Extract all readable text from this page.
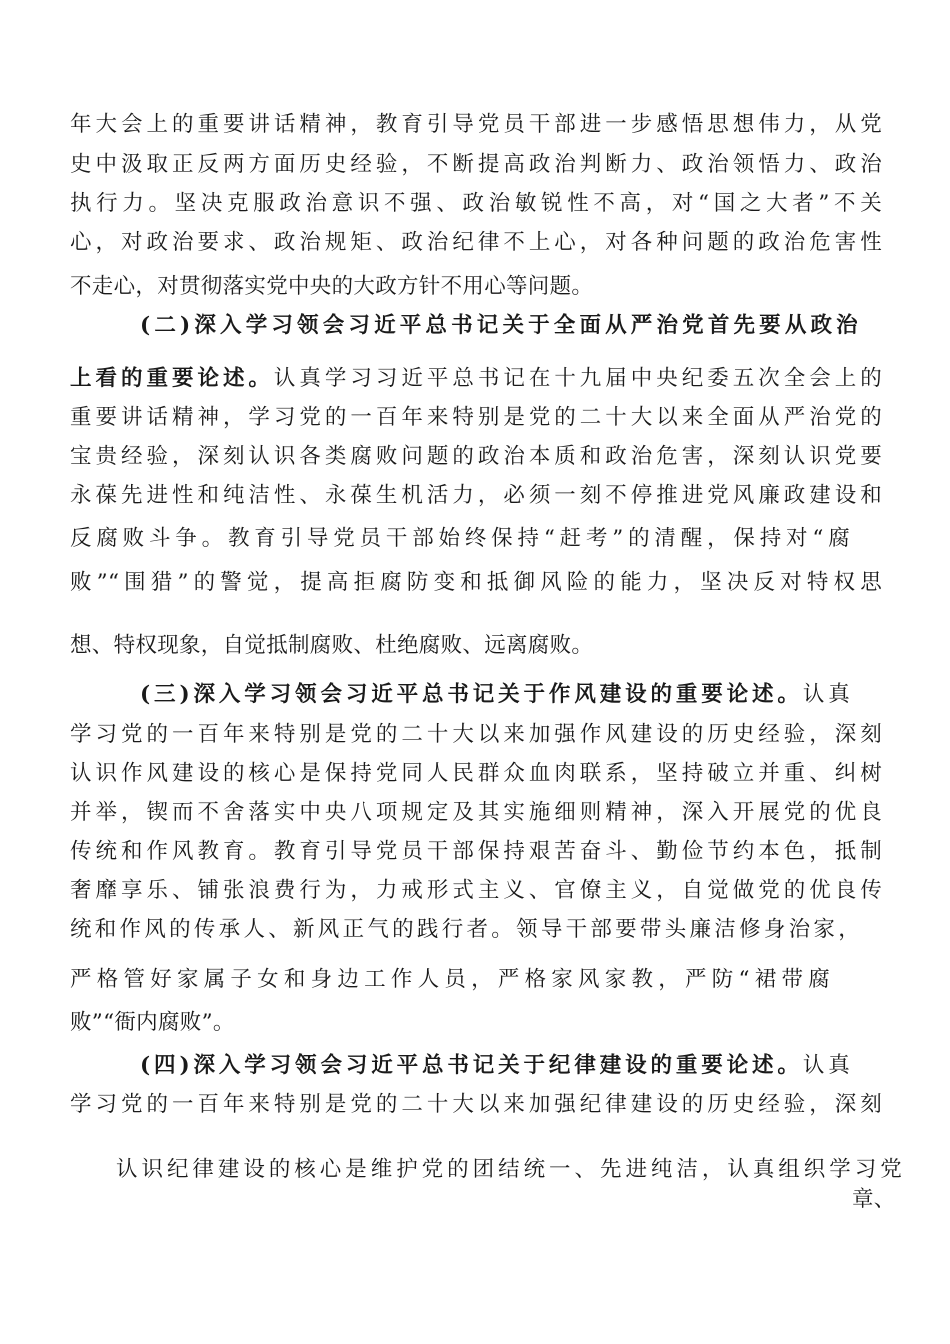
年大会上的重要讲话精神，教育引导党员干部进一步感悟思想伟力，从党
史中汲取正反两方面历史经验，不断提高政治判断力、政治领悟力、政治
执行力。坚决克服政治意识不强、政治敏锐性不高，对“国之大者”不关
心，对政治要求、政治规矩、政治纪律不上心，对各种问题的政治危害性
不走心，对贯彻落实党中央的大政方针不用心等问题。
(二)深入学习领会习近平总书记关于全面从严治党首先要从政治
上看的重要论述。认真学习习近平总书记在十九届中央纪委五次全会上的
重要讲话精神，学习党的一百年来特别是党的二十大以来全面从严治党的
宝贵经验，深刻认识各类腐败问题的政治本质和政治危害，深刻认识党要
永葆先进性和纯洁性、永葆生机活力，必须一刻不停推进党风廉政建设和
反腐败斗争。教育引导党员干部始终保持“赶考”的清醒，保持对“腐
败”“围猎”的警觉，提高拒腐防变和抵御风险的能力，坚决反对特权思
想、特权现象，自觉抵制腐败、杜绝腐败、远离腐败。
(三)深入学习领会习近平总书记关于作风建设的重要论述。认真
学习党的一百年来特别是党的二十大以来加强作风建设的历史经验，深刻
认识作风建设的核心是保持党同人民群众血肉联系，坚持破立并重、纠树
并举，锲而不舍落实中央八项规定及其实施细则精神，深入开展党的优良
传统和作风教育。教育引导党员干部保持艰苦奋斗、勤俭节约本色，抵制
奢靡享乐、铺张浪费行为，力戒形式主义、官僚主义，自觉做党的优良传
统和作风的传承人、新风正气的践行者。领导干部要带头廉洁修身治家，
严格管好家属子女和身边工作人员，严格家风家教，严防“裙带腐
败”“衙内腐败”。
(四)深入学习领会习近平总书记关于纪律建设的重要论述。认真
学习党的一百年来特别是党的二十大以来加强纪律建设的历史经验，深刻
认识纪律建设的核心是维护党的团结统一、先进纯洁，认真组织学习党
章、
